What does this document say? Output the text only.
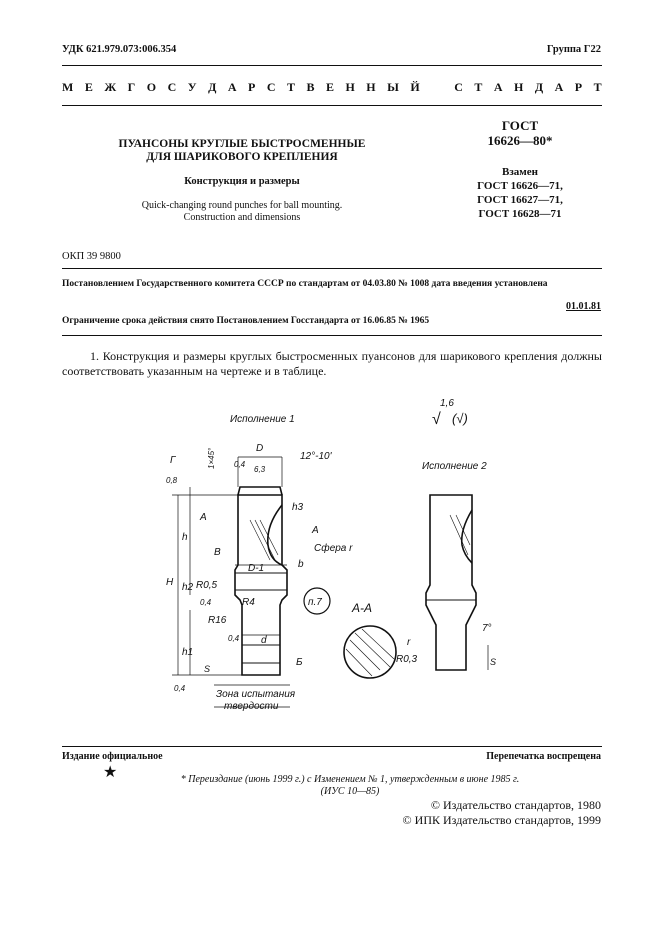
УДК 621.979.073:006.354	Группа Г22
М Е Ж Г О С У Д А Р С Т В Е Н Н Ы Й	С Т А Н Д А Р Т
ПУАНСОНЫ КРУГЛЫЕ БЫСТРОСМЕННЫЕ
ДЛЯ ШАРИКОВОГО КРЕПЛЕНИЯ
Конструкция и размеры
Quick-changing round punches for ball mounting.
Construction and dimensions
ГОСТ
16626—80*
Взамен
ГОСТ 16626—71,
ГОСТ 16627—71,
ГОСТ 16628—71
ОКП 39 9800
Постановлением Государственного комитета СССР по стандартам от 04.03.80 № 1008 дата введения установлена
01.01.81
Ограничение срока действия снято Постановлением Госстандарта от 16.06.85 № 1965
1. Конструкция и размеры круглых быстросменных пуансонов для шарикового крепления должны соответствовать указанным на чертеже и в таблице.
Исполнение 1
Исполнение 2
1,6
√ (√)
D
12°-10'
1×45° 0,4
6,3
Г
0,8
А
А
В
h
h3
Сфера r
D-1	b
H h2 R0,5
п.7
R4
0,4
R16
0,4 d
h1
S
0,4
Б
Зона испытания
твердости
А-А
r
R0,3
7°
S
Издание официальное	Перепечатка воспрещена
★	* Переиздание (июнь 1999 г.) с Изменением № 1, утвержденным в июне 1985 г.
(ИУС 10—85)
© Издательство стандартов, 1980
© ИПК Издательство стандартов, 1999
